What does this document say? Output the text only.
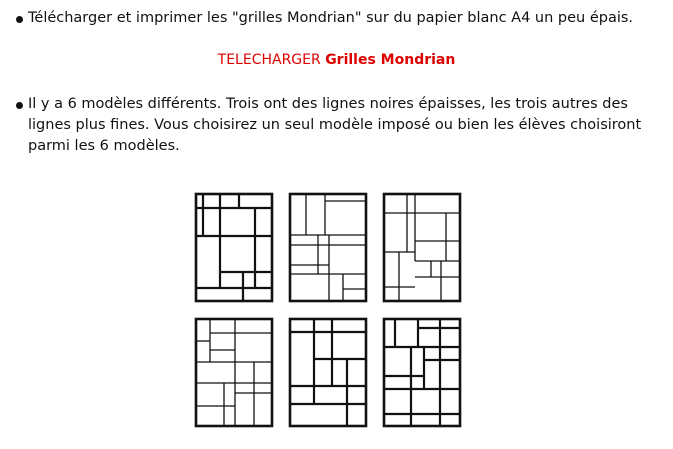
Télécharger et imprimer les "grilles Mondrian" sur du papier blanc A4 un peu épais.
TELECHARGER Grilles Mondrian
Il y a 6 modèles différents. Trois ont des lignes noires épaisses, les trois autres des lignes plus fines. Vous choisirez un seul modèle imposé ou bien les élèves choisiront parmi les 6 modèles.
